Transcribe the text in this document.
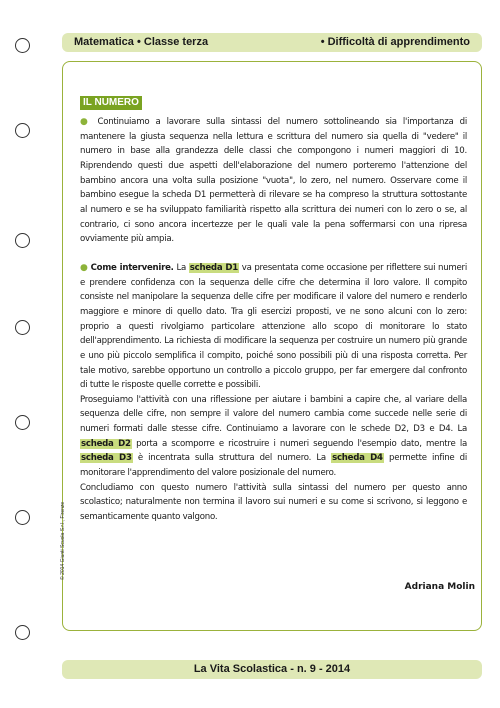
Matematica • Classe terza	• Difficoltà di apprendimento
IL NUMERO

● Continuiamo a lavorare sulla sintassi del numero sottolineando sia l'importanza di mantenere la giusta sequenza nella lettura e scrittura del numero sia quella di "vedere" il numero in base alla grandezza delle classi che compongono i numeri maggiori di 10. Riprendendo questi due aspetti dell'elaborazione del numero porteremo l'attenzione del bambino ancora una volta sulla posizione "vuota", lo zero, nel numero. Osservare come il bambino esegue la scheda D1 permetterà di rilevare se ha compreso la struttura sottostante al numero e se ha sviluppato familiarità rispetto alla scrittura dei numeri con lo zero o se, al contrario, ci sono ancora incertezze per le quali vale la pena soffermarsi con una ripresa ovviamente più ampia.

● Come intervenire. La scheda D1 va presentata come occasione per riflettere sui numeri e prendere confidenza con la sequenza delle cifre che determina il loro valore. Il compito consiste nel manipolare la sequenza delle cifre per modificare il valore del numero e renderlo maggiore e minore di quello dato. Tra gli esercizi proposti, ve ne sono alcuni con lo zero: proprio a questi rivolgiamo particolare attenzione allo scopo di monitorare lo stato dell'apprendimento. La richiesta di modificare la sequenza per costruire un numero più grande e uno più piccolo semplifica il compito, poiché sono possibili più di una risposta corretta. Per tale motivo, sarebbe opportuno un controllo a piccolo gruppo, per far emergere dal confronto di tutte le risposte quelle corrette e possibili.

Proseguiamo l'attività con una riflessione per aiutare i bambini a capire che, al variare della sequenza delle cifre, non sempre il valore del numero cambia come succede nelle serie di numeri formati dalle stesse cifre. Continuiamo a lavorare con le schede D2, D3 e D4. La scheda D2 porta a scomporre e ricostruire i numeri seguendo l'esempio dato, mentre la scheda D3 è incentrata sulla struttura del numero. La scheda D4 permette infine di monitorare l'apprendimento del valore posizionale del numero.

Concludiamo con questo numero l'attività sulla sintassi del numero per questo anno scolastico; naturalmente non termina il lavoro sui numeri e su come si scrivono, si leggono e semanticamente quanto valgono.

Adriana Molin
© 2014 Giunti Scuola S.r.l., Firenze
La Vita Scolastica - n. 9 - 2014
